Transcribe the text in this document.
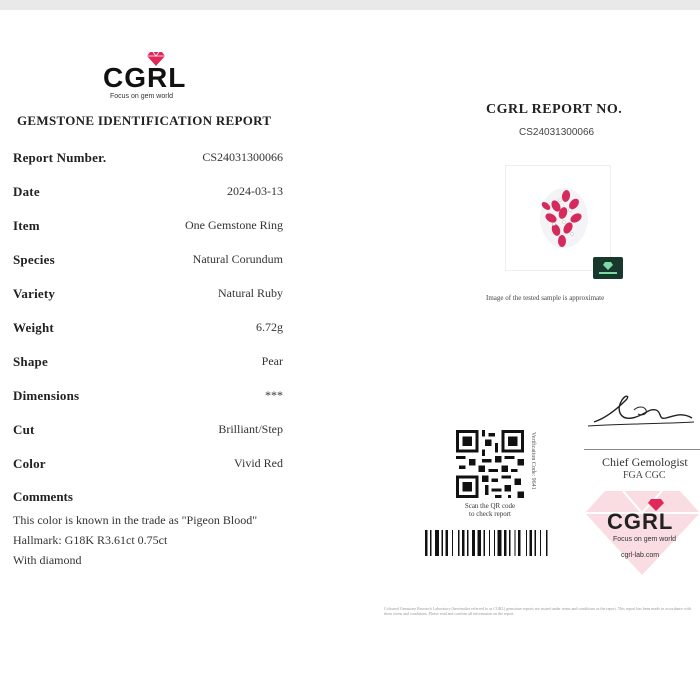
CGRL
Focus on gem world
GEMSTONE IDENTIFICATION REPORT
Report Number.	CS24031300066
Date	2024-03-13
Item	One Gemstone Ring
Species	Natural Corundum
Variety	Natural Ruby
Weight	6.72g
Shape	Pear
Dimensions	***
Cut	Brilliant/Step
Color	Vivid Red
Comments
This color is known in the trade as "Pigeon Blood"
Hallmark: G18K R3.61ct 0.75ct
With diamond
CGRL REPORT NO.
CS24031300066
Image of the tested sample is approximate
Verification Code: 9641
Scan the QR code
to check report
Chief Gemologist
FGA CGC
CGRL
Focus on gem world
cgrl-lab.com
Coloured Gemstone Research Laboratory (hereinafter referred to as CGRL) gemstone reports are issued under terms and conditions as the report. This report has been made in accordance with these terms and conditions. Please read and confirm all information on the report.
